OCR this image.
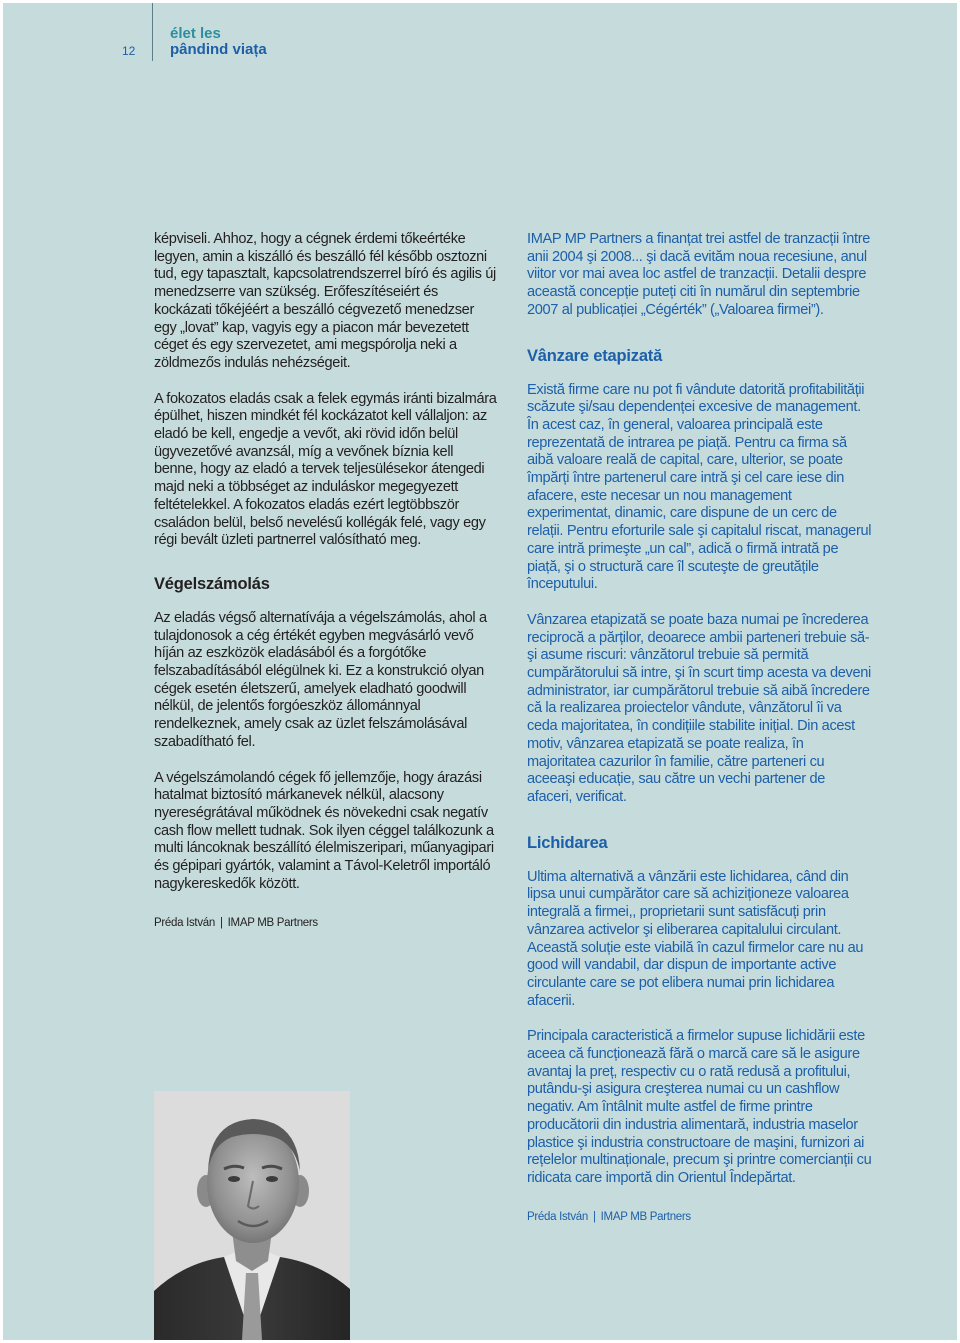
12
élet les
pândind viața

képviseli. Ahhoz, hogy a cégnek érdemi tőkeértéke legyen, amin a kiszálló és beszálló fél később osztozni tud, egy tapasztalt, kapcsolatrendszerrel bíró és agilis új menedzserre van szükség. Erőfeszítéseiért és kockázati tőkéjéért a beszálló cégvezető menedzser egy „lovat” kap, vagyis egy a piacon már bevezetett céget és egy szervezetet, ami megspórolja neki a zöldmezős indulás nehézségeit.

A fokozatos eladás csak a felek egymás iránti bizalmára épülhet, hiszen mindkét fél kockázatot kell vállaljon: az eladó be kell, engedje a vevőt, aki rövid időn belül ügyvezetővé avanzsál, míg a vevőnek bíznia kell benne, hogy az eladó a tervek teljesülésekor átengedi majd neki a többséget az induláskor megegyezett feltételekkel. A fokozatos eladás ezért legtöbbször családon belül, belső nevelésű kollégák felé, vagy egy régi bevált üzleti partnerrel valósítható meg.

Végelszámolás

Az eladás végső alternatívája a végelszámolás, ahol a tulajdonosok a cég értékét egyben megvásárló vevő híján az eszközök eladásából és a forgótőke felszabadításából elégülnek ki. Ez a konstrukció olyan cégek esetén életszerű, amelyek eladható goodwill nélkül, de jelentős forgóeszköz állománnyal rendelkeznek, amely csak az üzlet felszámolásával szabadítható fel.

A végelszámolandó cégek fő jellemzője, hogy árazási hatalmat biztosító márkanevek nélkül, alacsony nyereségrátával működnek és növekedni csak negatív cash flow mellett tudnak. Sok ilyen céggel találkozunk a multi láncoknak beszállító élelmiszeripari, műanyagipari és gépipari gyártók, valamint a Távol-Keletről importáló nagykereskedők között.

Préda István | IMAP MB Partners

IMAP MP Partners a finanțat trei astfel de tranzacții între anii 2004 şi 2008... şi dacă evităm noua recesiune, anul viitor vor mai avea loc astfel de tranzacții. Detalii despre această concepție puteți citi în numărul din septembrie 2007 al publicației „Cégérték” („Valoarea firmei”).

Vânzare etapizată

Există firme care nu pot fi vândute datorită profitabilității scăzute şi/sau dependenței excesive de management. În acest caz, în general, valoarea principală este reprezentată de intrarea pe piață. Pentru ca firma să aibă valoare reală de capital, care, ulterior, se poate împărți între partenerul care intră şi cel care iese din afacere, este necesar un nou management experimentat, dinamic, care dispune de un cerc de relații. Pentru eforturile sale şi capitalul riscat, managerul care intră primeşte „un cal”, adică o firmă intrată pe piață, şi o structură care îl scuteşte de greutățile începutului.

Vânzarea etapizată se poate baza numai pe încrederea reciprocă a părților, deoarece ambii parteneri trebuie să-şi asume riscuri: vânzătorul trebuie să permită cumpărătorului să intre, şi în scurt timp acesta va deveni administrator, iar cumpărătorul trebuie să aibă încredere că la realizarea proiectelor vândute, vânzătorul îi va ceda majoritatea, în condițiile stabilite inițial. Din acest motiv, vânzarea etapizată se poate realiza, în majoritatea cazurilor în familie, către parteneri cu aceeaşi educație, sau către un vechi partener de afaceri, verificat.

Lichidarea

Ultima alternativă a vânzării este lichidarea, când din lipsa unui cumpărător care să achiziționeze valoarea integrală a firmei,, proprietarii sunt satisfăcuți prin vânzarea activelor şi eliberarea capitalului circulant. Această soluție este viabilă în cazul firmelor care nu au good will vandabil, dar dispun de importante active circulante care se pot elibera numai prin lichidarea afacerii.

Principala caracteristică a firmelor supuse lichidării este aceea că funcționează fără o marcă care să le asigure avantaj la preț, respectiv cu o rată redusă a profitului, putându-şi asigura creşterea numai cu un cashflow negativ. Am întâlnit multe astfel de firme printre producătorii din industria alimentară, industria maselor plastice şi industria constructoare de maşini, furnizori ai rețelelor multinaționale, precum şi printre comercianții cu ridicata care importă din Orientul Îndepărtat.

Préda István | IMAP MB Partners
